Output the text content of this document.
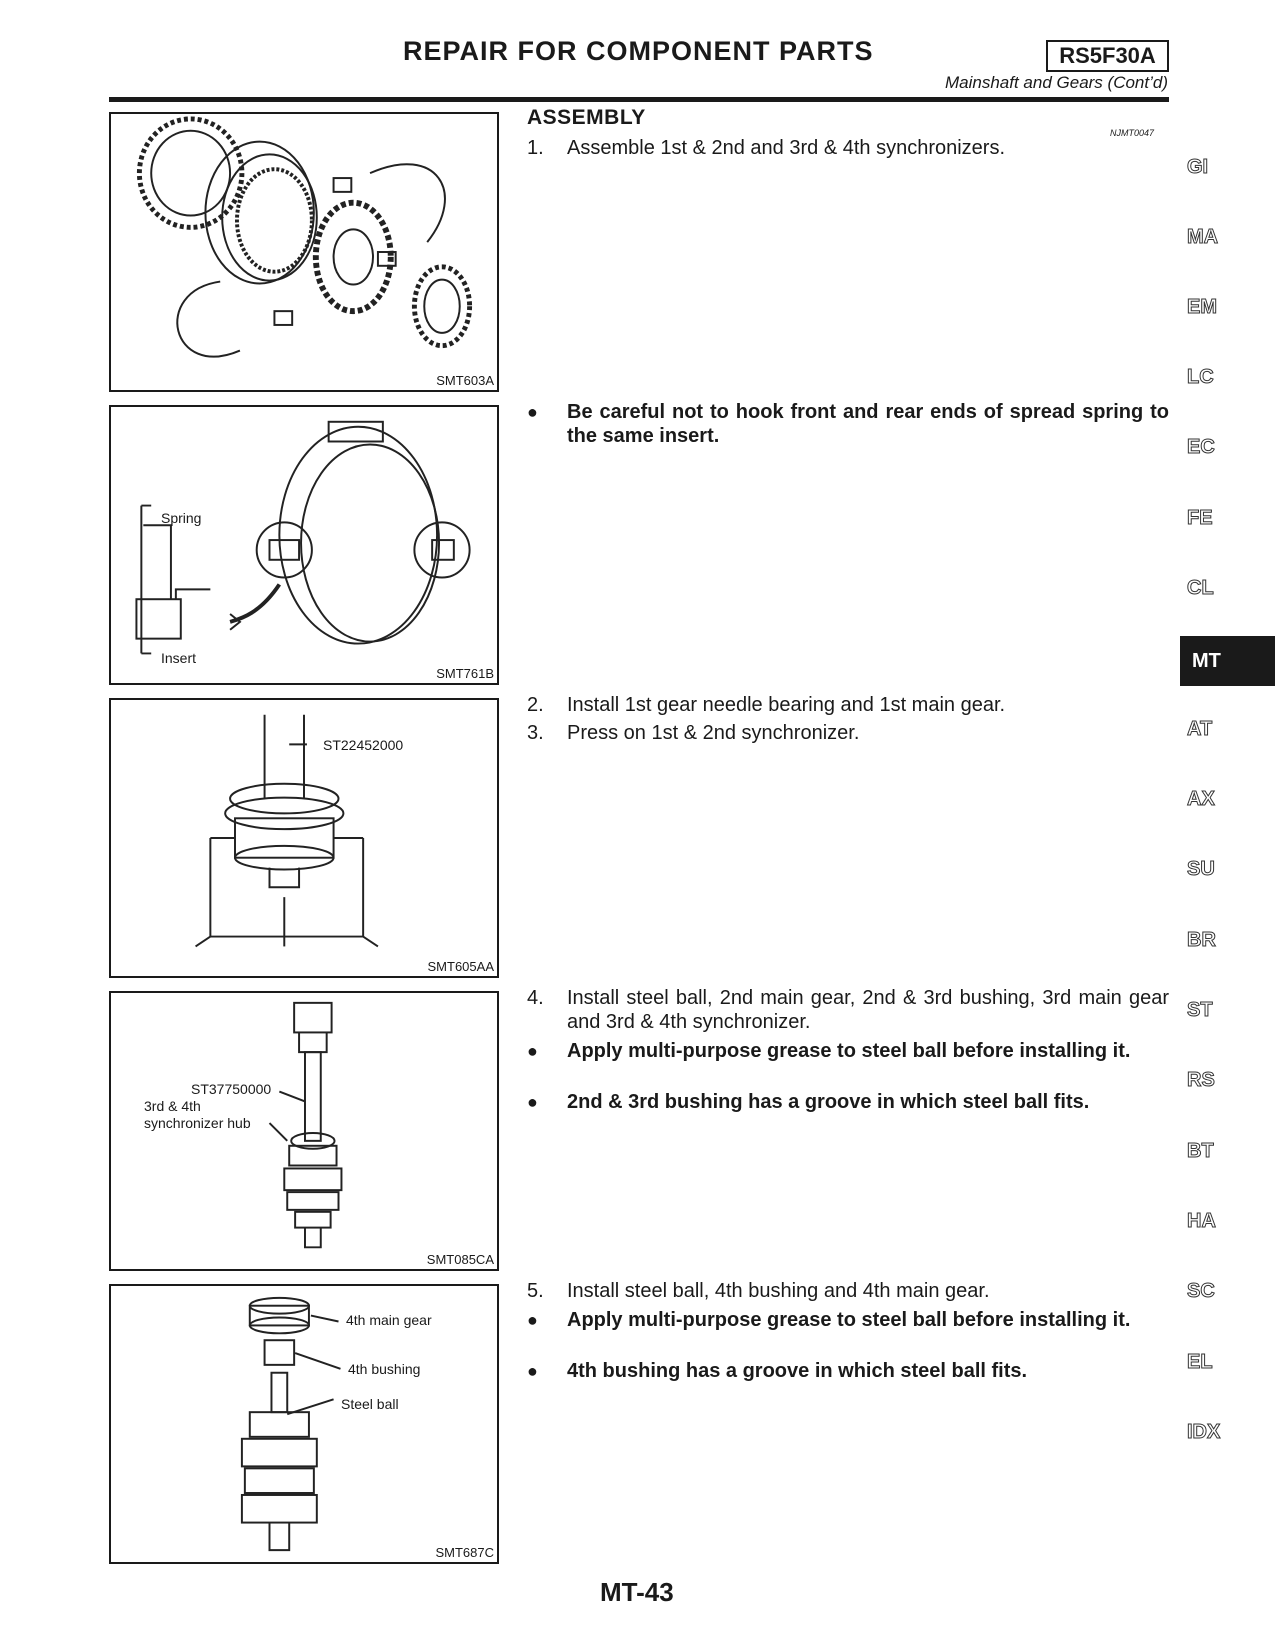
REPAIR FOR COMPONENT PARTS	RS5F30A
Mainshaft and Gears (Cont’d)
SMT603A
Spring
Insert
SMT761B
ST22452000
SMT605AA
ST37750000
3rd & 4th
synchronizer hub
SMT085CA
4th main gear
4th bushing
Steel ball
SMT687C
ASSEMBLY
NJMT0047
1. Assemble 1st & 2nd and 3rd & 4th synchronizers.
● Be careful not to hook front and rear ends of spread spring to the same insert.
2. Install 1st gear needle bearing and 1st main gear.
3. Press on 1st & 2nd synchronizer.
4. Install steel ball, 2nd main gear, 2nd & 3rd bushing, 3rd main gear and 3rd & 4th synchronizer.
● Apply multi-purpose grease to steel ball before installing it.
● 2nd & 3rd bushing has a groove in which steel ball fits.
5. Install steel ball, 4th bushing and 4th main gear.
● Apply multi-purpose grease to steel ball before installing it.
● 4th bushing has a groove in which steel ball fits.
GI
MA
EM
LC
EC
FE
CL
MT
AT
AX
SU
BR
ST
RS
BT
HA
SC
EL
IDX
MT-43
